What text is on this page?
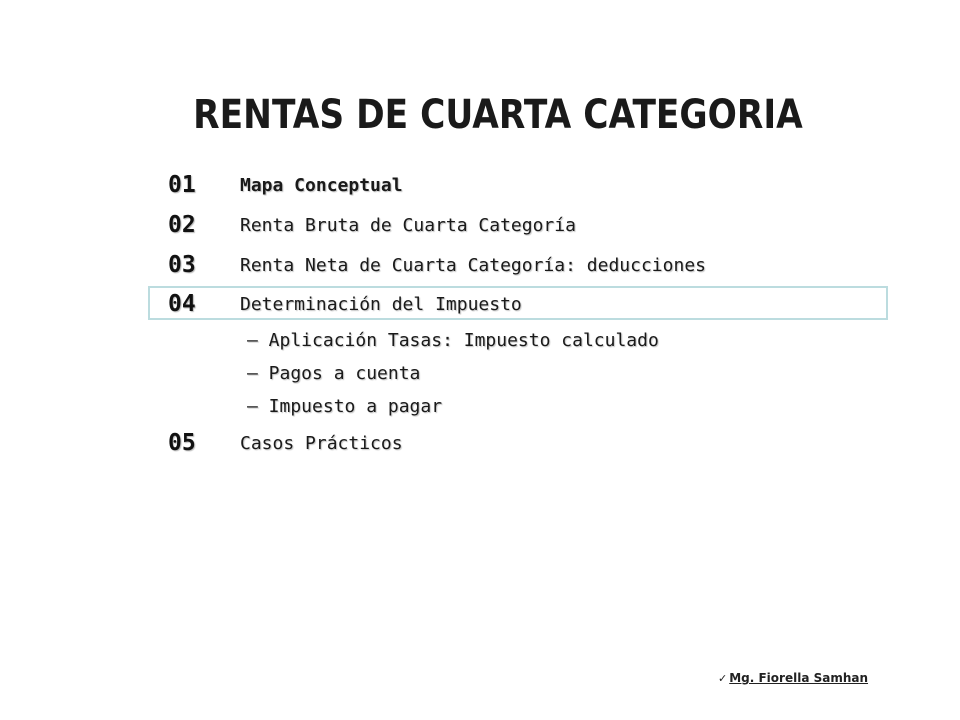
RENTAS DE CUARTA CATEGORIA
01 Mapa Conceptual
02 Renta Bruta de Cuarta Categoría
03 Renta Neta de Cuarta Categoría: deducciones
04 Determinación del Impuesto
– Aplicación Tasas: Impuesto calculado
– Pagos a cuenta
– Impuesto a pagar
05 Casos Prácticos
✓ Mg. Fiorella Samhan
